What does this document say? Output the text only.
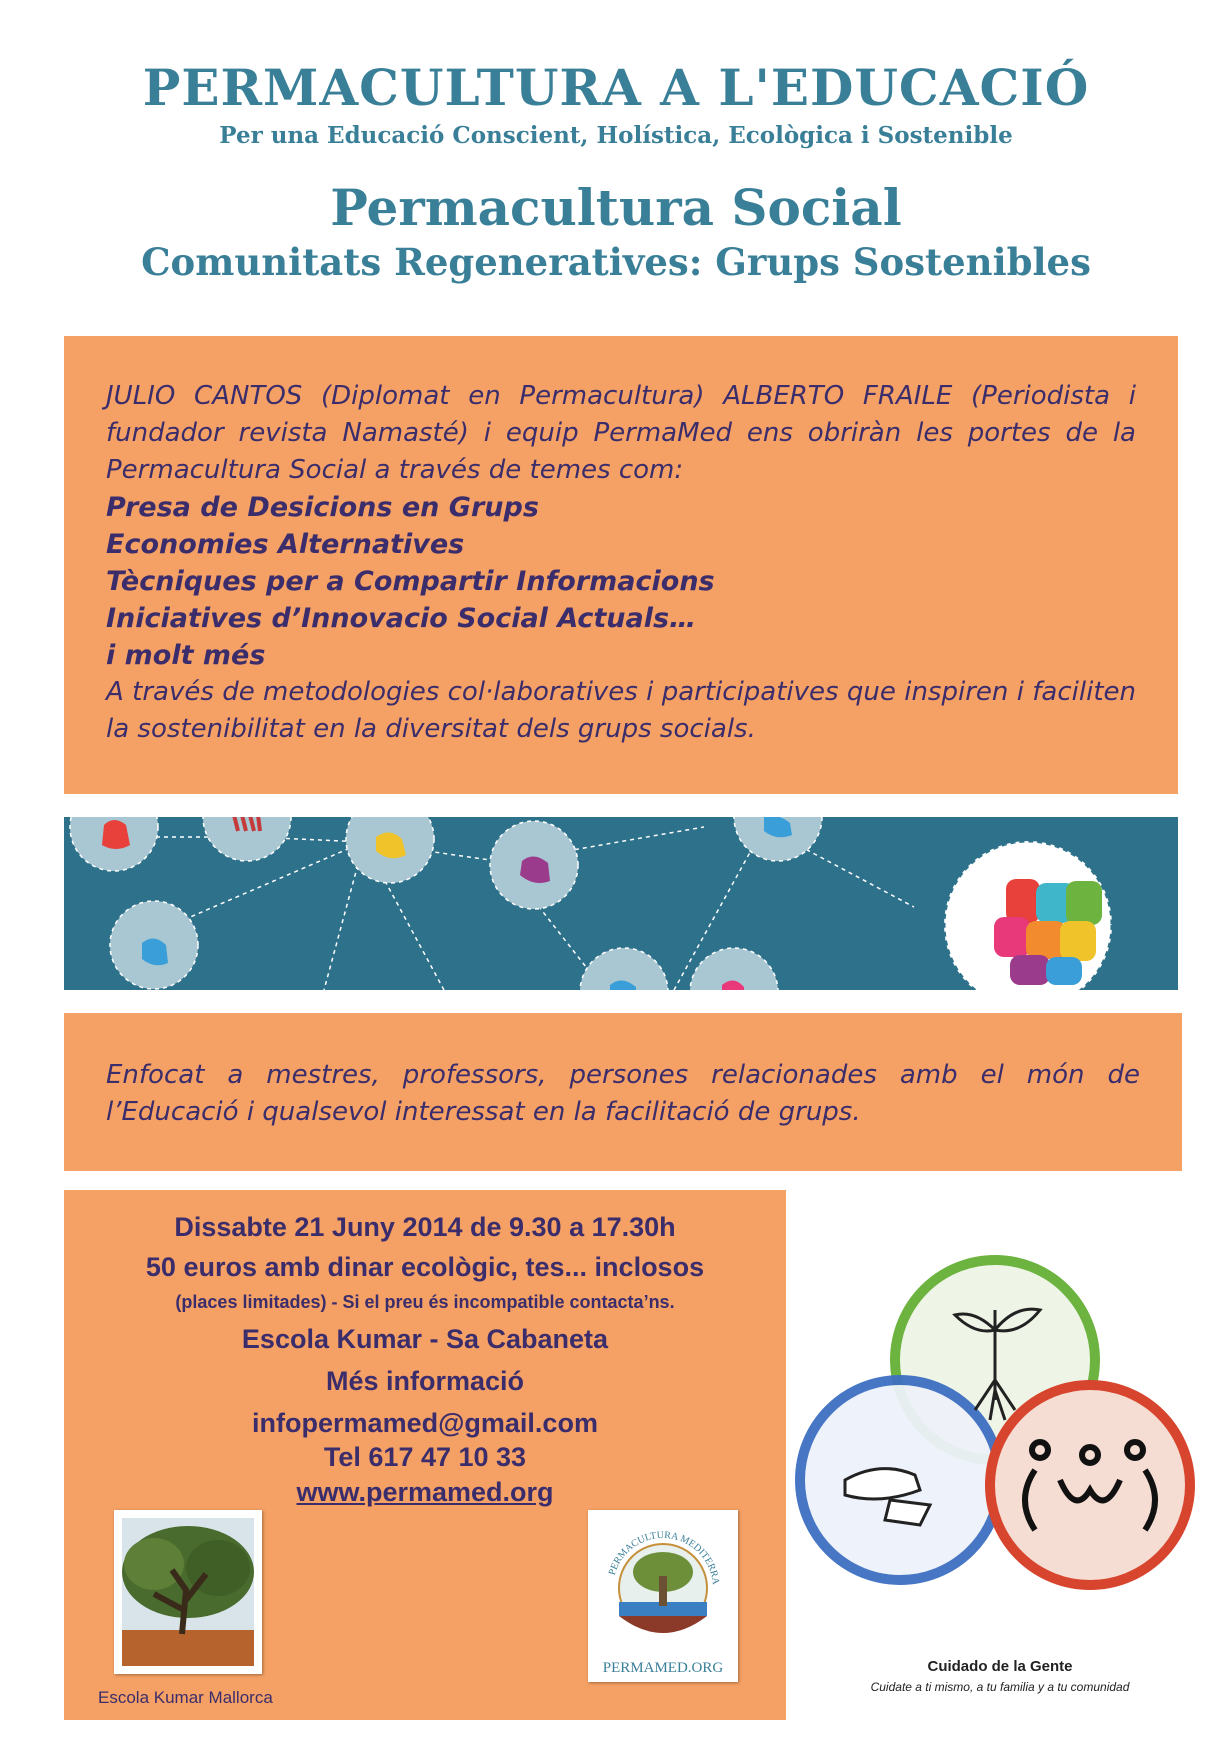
PERMACULTURA A L'EDUCACIÓ
Per una Educació Conscient, Holística, Ecològica i Sostenible
Permacultura Social
Comunitats Regeneratives: Grups Sostenibles
JULIO CANTOS (Diplomat en Permacultura) ALBERTO FRAILE (Periodista i fundador revista Namasté) i equip PermaMed ens obriràn les portes de la Permacultura Social a través de temes com:
Presa de Desicions en Grups
Economies Alternatives
Tècniques per a Compartir Informacions
Iniciatives d’Innovacio Social Actuals…
i molt més
A través de metodologies col·laboratives i participatives que inspiren i faciliten la sostenibilitat en la diversitat dels grups socials.
Enfocat a mestres, professors, persones relacionades amb el món de l’Educació i qualsevol interessat en la facilitació de grups.
Dissabte 21 Juny 2014 de 9.30 a 17.30h
50 euros amb dinar ecològic, tes... inclosos
(places limitades) - Si el preu és incompatible contacta’ns.
Escola Kumar - Sa Cabaneta
Més informació
infopermamed@gmail.com
Tel 617 47 10 33
www.permamed.org
Escola Kumar Mallorca
PERMACULTURA MEDITERRA
PERMAMED.ORG	Cuidado de la Gente
Cuidate a ti mismo, a tu familia y a tu comunidad
